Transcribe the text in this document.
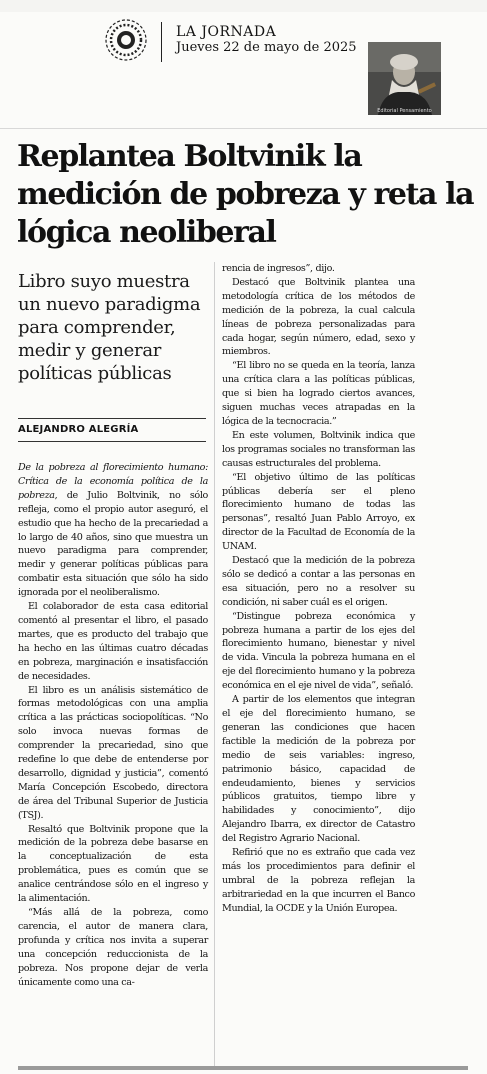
LA JORNADA
Jueves 22 de mayo de 2025
Editorial Pensamiento
Replantea Boltvinik la medición de pobreza y reta la lógica neoliberal

Libro suyo muestra un nuevo paradigma para comprender, medir y generar políticas públicas

ALEJANDRO ALEGRÍA

De la pobreza al florecimiento humano: Crítica de la economía política de la pobreza, de Julio Boltvinik, no sólo refleja, como el propio autor aseguró, el estudio que ha hecho de la precariedad a lo largo de 40 años, sino que muestra un nuevo paradigma para comprender, medir y generar políticas públicas para combatir esta situación que sólo ha sido ignorada por el neoliberalismo.

El colaborador de esta casa editorial comentó al presentar el libro, el pasado martes, que es producto del trabajo que ha hecho en las últimas cuatro décadas en pobreza, marginación e insatisfacción de necesidades.

El libro es un análisis sistemático de formas metodológicas con una amplia crítica a las prácticas sociopolíticas. “No solo invoca nuevas formas de comprender la precariedad, sino que redefine lo que debe de entenderse por desarrollo, dignidad y justicia”, comentó María Concepción Escobedo, directora de área del Tribunal Superior de Justicia (TSJ).

Resaltó que Boltvinik propone que la medición de la pobreza debe basarse en la conceptualización de esta problemática, pues es común que se analice centrándose sólo en el ingreso y la alimentación.

“Más allá de la pobreza, como carencia, el autor de manera clara, profunda y crítica nos invita a superar una concepción reduccionista de la pobreza. Nos propone dejar de verla únicamente como una ca-

rencia de ingresos”, dijo.

Destacó que Boltvinik plantea una metodología crítica de los métodos de medición de la pobreza, la cual calcula líneas de pobreza personalizadas para cada hogar, según número, edad, sexo y miembros.

“El libro no se queda en la teoría, lanza una crítica clara a las políticas públicas, que si bien ha logrado ciertos avances, siguen muchas veces atrapadas en la lógica de la tecnocracia.”

En este volumen, Boltvinik indica que los programas sociales no transforman las causas estructurales del problema.

“El objetivo último de las políticas públicas debería ser el pleno florecimiento humano de todas las personas”, resaltó Juan Pablo Arroyo, ex director de la Facultad de Economía de la UNAM.

Destacó que la medición de la pobreza sólo se dedicó a contar a las personas en esa situación, pero no a resolver su condición, ni saber cuál es el origen.

“Distingue pobreza económica y pobreza humana a partir de los ejes del florecimiento humano, bienestar y nivel de vida. Vincula la pobreza humana en el eje del florecimiento humano y la pobreza económica en el eje nivel de vida”, señaló.

A partir de los elementos que integran el eje del florecimiento humano, se generan las condiciones que hacen factible la medición de la pobreza por medio de seis variables: ingreso, patrimonio básico, capacidad de endeudamiento, bienes y servicios públicos gratuitos, tiempo libre y habilidades y conocimiento”, dijo Alejandro Ibarra, ex director de Catastro del Registro Agrario Nacional.

Refirió que no es extraño que cada vez más los procedimientos para definir el umbral de la pobreza reflejan la arbitrariedad en la que incurren el Banco Mundial, la OCDE y la Unión Europea.
